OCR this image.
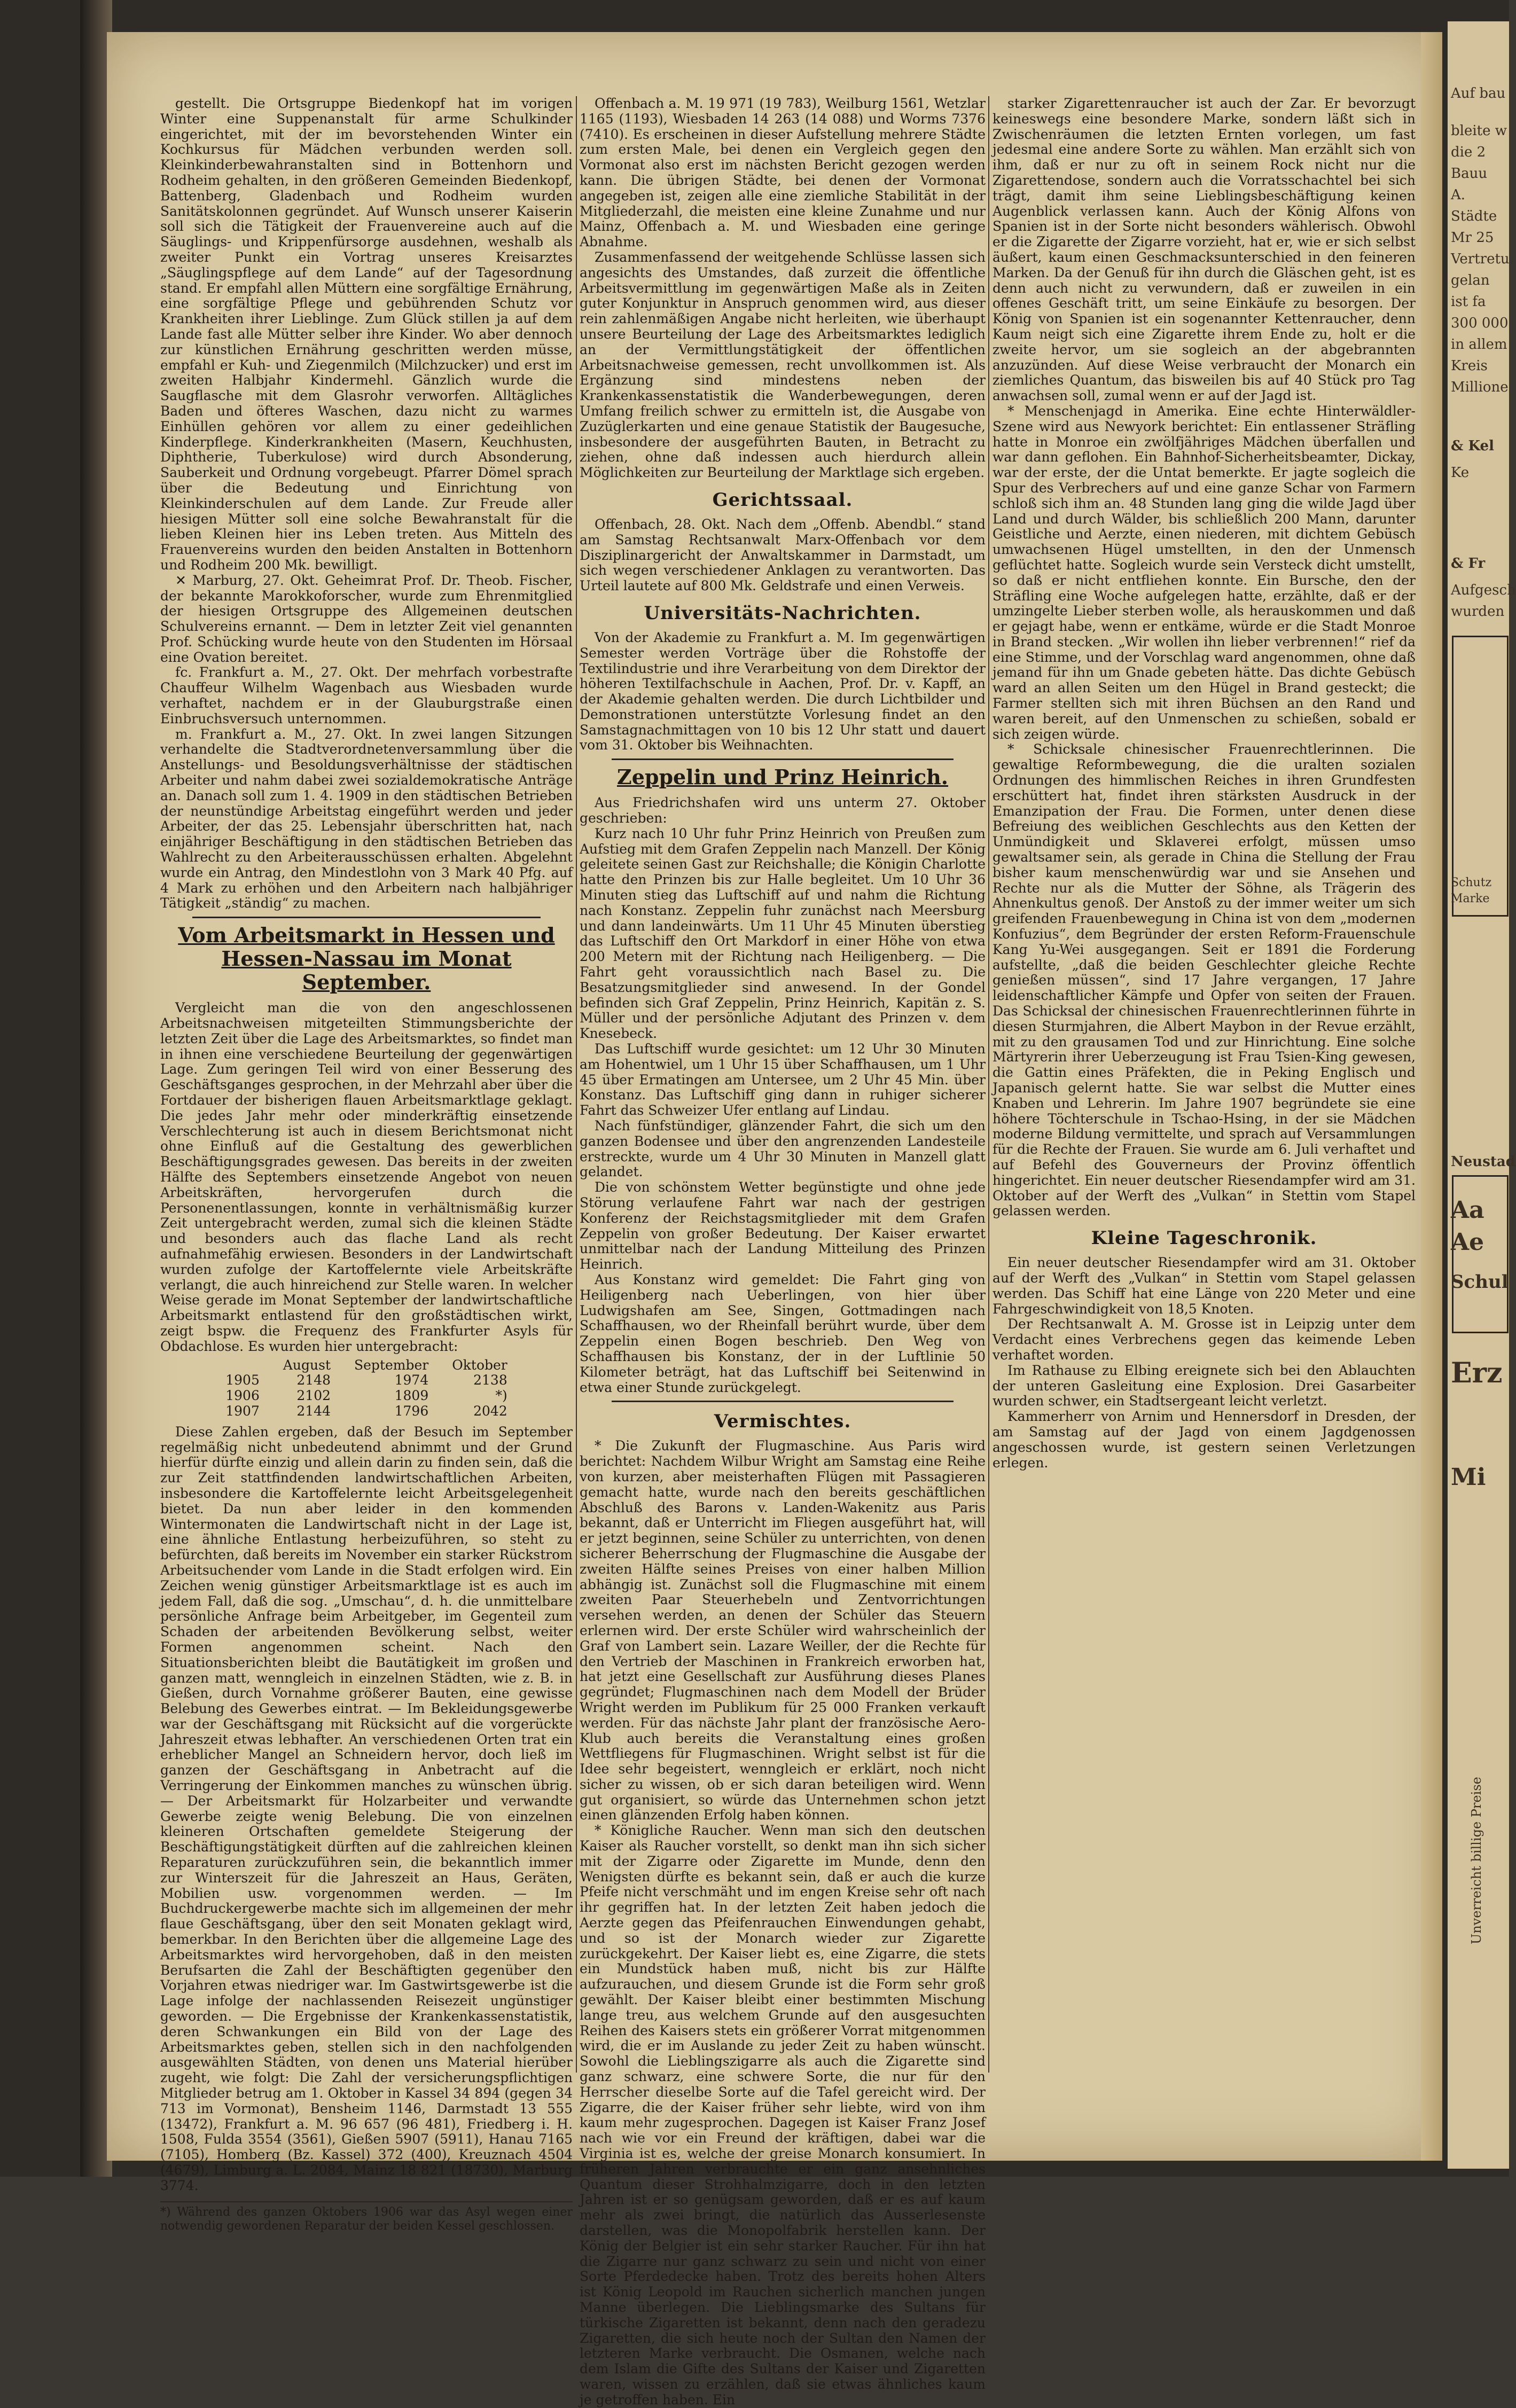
gestellt. Die Ortsgruppe Biedenkopf hat im vorigen Winter eine Suppenanstalt für arme Schulkinder eingerichtet, mit der im bevorstehenden Winter ein Kochkursus für Mädchen verbunden werden soll. Kleinkinderbewahranstalten sind in Bottenhorn und Rodheim gehalten, in den größeren Gemeinden Biedenkopf, Battenberg, Gladenbach und Rodheim wurden Sanitätskolonnen gegründet. Auf Wunsch unserer Kaiserin soll sich die Tätigkeit der Frauenvereine auch auf die Säuglings- und Krippenfürsorge ausdehnen, weshalb als zweiter Punkt ein Vortrag unseres Kreisarztes „Säuglingspflege auf dem Lande“ auf der Tagesordnung stand. Er empfahl allen Müttern eine sorgfältige Ernährung, eine sorgfältige Pflege und gebührenden Schutz vor Krankheiten ihrer Lieblinge. Zum Glück stillen ja auf dem Lande fast alle Mütter selber ihre Kinder. Wo aber dennoch zur künstlichen Ernährung geschritten werden müsse, empfahl er Kuh- und Ziegenmilch (Milchzucker) und erst im zweiten Halbjahr Kindermehl. Gänzlich wurde die Saugflasche mit dem Glasrohr verworfen. Alltägliches Baden und öfteres Waschen, dazu nicht zu warmes Einhüllen gehören vor allem zu einer gedeihlichen Kinderpflege. Kinderkrankheiten (Masern, Keuchhusten, Diphtherie, Tuberkulose) wird durch Absonderung, Sauberkeit und Ordnung vorgebeugt. Pfarrer Dömel sprach über die Bedeutung und Einrichtung von Kleinkinderschulen auf dem Lande. Zur Freude aller hiesigen Mütter soll eine solche Bewahranstalt für die lieben Kleinen hier ins Leben treten. Aus Mitteln des Frauenvereins wurden den beiden Anstalten in Bottenhorn und Rodheim 200 Mk. bewilligt.

✕ Marburg, 27. Okt. Geheimrat Prof. Dr. Theob. Fischer, der bekannte Marokkoforscher, wurde zum Ehrenmitglied der hiesigen Ortsgruppe des Allgemeinen deutschen Schulvereins ernannt. — Dem in letzter Zeit viel genannten Prof. Schücking wurde heute von den Studenten im Hörsaal eine Ovation bereitet.

fc. Frankfurt a. M., 27. Okt. Der mehrfach vorbestrafte Chauffeur Wilhelm Wagenbach aus Wiesbaden wurde verhaftet, nachdem er in der Glauburgstraße einen Einbruchsversuch unternommen.

m. Frankfurt a. M., 27. Okt. In zwei langen Sitzungen verhandelte die Stadtverordnetenversammlung über die Anstellungs- und Besoldungsverhältnisse der städtischen Arbeiter und nahm dabei zwei sozialdemokratische Anträge an. Danach soll zum 1. 4. 1909 in den städtischen Betrieben der neunstündige Arbeitstag eingeführt werden und jeder Arbeiter, der das 25. Lebensjahr überschritten hat, nach einjähriger Beschäftigung in den städtischen Betrieben das Wahlrecht zu den Arbeiterausschüssen erhalten. Abgelehnt wurde ein Antrag, den Mindestlohn von 3 Mark 40 Pfg. auf 4 Mark zu erhöhen und den Arbeitern nach halbjähriger Tätigkeit „ständig“ zu machen.

Vom Arbeitsmarkt in Hessen und Hessen-Nassau im Monat September.

Vergleicht man die von den angeschlossenen Arbeitsnachweisen mitgeteilten Stimmungsberichte der letzten Zeit über die Lage des Arbeitsmarktes, so findet man in ihnen eine verschiedene Beurteilung der gegenwärtigen Lage. Zum geringen Teil wird von einer Besserung des Geschäftsganges gesprochen, in der Mehrzahl aber über die Fortdauer der bisherigen flauen Arbeitsmarktlage geklagt. Die jedes Jahr mehr oder minderkräftig einsetzende Verschlechterung ist auch in diesem Berichtsmonat nicht ohne Einfluß auf die Gestaltung des gewerblichen Beschäftigungsgrades gewesen. Das bereits in der zweiten Hälfte des Septembers einsetzende Angebot von neuen Arbeitskräften, hervorgerufen durch die Personenentlassungen, konnte in verhältnismäßig kurzer Zeit untergebracht werden, zumal sich die kleinen Städte und besonders auch das flache Land als recht aufnahmefähig erwiesen. Besonders in der Landwirtschaft wurden zufolge der Kartoffelernte viele Arbeitskräfte verlangt, die auch hinreichend zur Stelle waren. In welcher Weise gerade im Monat September der landwirtschaftliche Arbeitsmarkt entlastend für den großstädtischen wirkt, zeigt bspw. die Frequenz des Frankfurter Asyls für Obdachlose. Es wurden hier untergebracht:

	August	September	Oktober
1905	2148	1974	2138
1906	2102	1809	*)
1907	2144	1796	2042

Diese Zahlen ergeben, daß der Besuch im September regelmäßig nicht unbedeutend abnimmt und der Grund hierfür dürfte einzig und allein darin zu finden sein, daß die zur Zeit stattfindenden landwirtschaftlichen Arbeiten, insbesondere die Kartoffelernte leicht Arbeitsgelegenheit bietet. Da nun aber leider in den kommenden Wintermonaten die Landwirtschaft nicht in der Lage ist, eine ähnliche Entlastung herbeizuführen, so steht zu befürchten, daß bereits im November ein starker Rückstrom Arbeitsuchender vom Lande in die Stadt erfolgen wird. Ein Zeichen wenig günstiger Arbeitsmarktlage ist es auch im jedem Fall, daß die sog. „Umschau“, d. h. die unmittelbare persönliche Anfrage beim Arbeitgeber, im Gegenteil zum Schaden der arbeitenden Bevölkerung selbst, weiter Formen angenommen scheint. Nach den Situationsberichten bleibt die Bautätigkeit im großen und ganzen matt, wenngleich in einzelnen Städten, wie z. B. in Gießen, durch Vornahme größerer Bauten, eine gewisse Belebung des Gewerbes eintrat. — Im Bekleidungsgewerbe war der Geschäftsgang mit Rücksicht auf die vorgerückte Jahreszeit etwas lebhafter. An verschiedenen Orten trat ein erheblicher Mangel an Schneidern hervor, doch ließ im ganzen der Geschäftsgang in Anbetracht auf die Verringerung der Einkommen manches zu wünschen übrig. — Der Arbeitsmarkt für Holzarbeiter und verwandte Gewerbe zeigte wenig Belebung. Die von einzelnen kleineren Ortschaften gemeldete Steigerung der Beschäftigungstätigkeit dürften auf die zahlreichen kleinen Reparaturen zurückzuführen sein, die bekanntlich immer zur Winterszeit für die Jahreszeit an Haus, Geräten, Mobilien usw. vorgenommen werden. — Im Buchdruckergewerbe machte sich im allgemeinen der mehr flaue Geschäftsgang, über den seit Monaten geklagt wird, bemerkbar. In den Berichten über die allgemeine Lage des Arbeitsmarktes wird hervorgehoben, daß in den meisten Berufsarten die Zahl der Beschäftigten gegenüber den Vorjahren etwas niedriger war. Im Gastwirtsgewerbe ist die Lage infolge der nachlassenden Reisezeit ungünstiger geworden. — Die Ergebnisse der Krankenkassenstatistik, deren Schwankungen ein Bild von der Lage des Arbeitsmarktes geben, stellen sich in den nachfolgenden ausgewählten Städten, von denen uns Material hierüber zugeht, wie folgt: Die Zahl der versicherungspflichtigen Mitglieder betrug am 1. Oktober in Kassel 34 894 (gegen 34 713 im Vormonat), Bensheim 1146, Darmstadt 13 555 (13472), Frankfurt a. M. 96 657 (96 481), Friedberg i. H. 1508, Fulda 3554 (3561), Gießen 5907 (5911), Hanau 7165 (7105), Homberg (Bz. Kassel) 372 (400), Kreuznach 4504 (4679), Limburg a. L. 2084, Mainz 18 821 (18730), Marburg 3774.

*) Während des ganzen Oktobers 1906 war das Asyl wegen einer notwendig gewordenen Reparatur der beiden Kessel geschlossen.

Offenbach a. M. 19 971 (19 783), Weilburg 1561, Wetzlar 1165 (1193), Wiesbaden 14 263 (14 088) und Worms 7376 (7410). Es erscheinen in dieser Aufstellung mehrere Städte zum ersten Male, bei denen ein Vergleich gegen den Vormonat also erst im nächsten Bericht gezogen werden kann. Die übrigen Städte, bei denen der Vormonat angegeben ist, zeigen alle eine ziemliche Stabilität in der Mitgliederzahl, die meisten eine kleine Zunahme und nur Mainz, Offenbach a. M. und Wiesbaden eine geringe Abnahme.

Zusammenfassend der weitgehende Schlüsse lassen sich angesichts des Umstandes, daß zurzeit die öffentliche Arbeitsvermittlung im gegenwärtigen Maße als in Zeiten guter Konjunktur in Anspruch genommen wird, aus dieser rein zahlenmäßigen Angabe nicht herleiten, wie überhaupt unsere Beurteilung der Lage des Arbeitsmarktes lediglich an der Vermittlungstätigkeit der öffentlichen Arbeitsnachweise gemessen, recht unvollkommen ist. Als Ergänzung sind mindestens neben der Krankenkassenstatistik die Wanderbewegungen, deren Umfang freilich schwer zu ermitteln ist, die Ausgabe von Zuzüglerkarten und eine genaue Statistik der Baugesuche, insbesondere der ausgeführten Bauten, in Betracht zu ziehen, ohne daß indessen auch hierdurch allein Möglichkeiten zur Beurteilung der Marktlage sich ergeben.

Gerichtssaal.

Offenbach, 28. Okt. Nach dem „Offenb. Abendbl.“ stand am Samstag Rechtsanwalt Marx-Offenbach vor dem Disziplinargericht der Anwaltskammer in Darmstadt, um sich wegen verschiedener Anklagen zu verantworten. Das Urteil lautete auf 800 Mk. Geldstrafe und einen Verweis.

Universitäts-Nachrichten.

Von der Akademie zu Frankfurt a. M. Im gegenwärtigen Semester werden Vorträge über die Rohstoffe der Textilindustrie und ihre Verarbeitung von dem Direktor der höheren Textilfachschule in Aachen, Prof. Dr. v. Kapff, an der Akademie gehalten werden. Die durch Lichtbilder und Demonstrationen unterstützte Vorlesung findet an den Samstagnachmittagen von 10 bis 12 Uhr statt und dauert vom 31. Oktober bis Weihnachten.

Zeppelin und Prinz Heinrich.

Aus Friedrichshafen wird uns unterm 27. Oktober geschrieben:

Kurz nach 10 Uhr fuhr Prinz Heinrich von Preußen zum Aufstieg mit dem Grafen Zeppelin nach Manzell. Der König geleitete seinen Gast zur Reichshalle; die Königin Charlotte hatte den Prinzen bis zur Halle begleitet. Um 10 Uhr 36 Minuten stieg das Luftschiff auf und nahm die Richtung nach Konstanz. Zeppelin fuhr zunächst nach Meersburg und dann landeinwärts. Um 11 Uhr 45 Minuten überstieg das Luftschiff den Ort Markdorf in einer Höhe von etwa 200 Metern mit der Richtung nach Heiligenberg. — Die Fahrt geht voraussichtlich nach Basel zu. Die Besatzungsmitglieder sind anwesend. In der Gondel befinden sich Graf Zeppelin, Prinz Heinrich, Kapitän z. S. Müller und der persönliche Adjutant des Prinzen v. dem Knesebeck.

Das Luftschiff wurde gesichtet: um 12 Uhr 30 Minuten am Hohentwiel, um 1 Uhr 15 über Schaffhausen, um 1 Uhr 45 über Ermatingen am Untersee, um 2 Uhr 45 Min. über Konstanz. Das Luftschiff ging dann in ruhiger sicherer Fahrt das Schweizer Ufer entlang auf Lindau.

Nach fünfstündiger, glänzender Fahrt, die sich um den ganzen Bodensee und über den angrenzenden Landesteile erstreckte, wurde um 4 Uhr 30 Minuten in Manzell glatt gelandet.

Die von schönstem Wetter begünstigte und ohne jede Störung verlaufene Fahrt war nach der gestrigen Konferenz der Reichstagsmitglieder mit dem Grafen Zeppelin von großer Bedeutung. Der Kaiser erwartet unmittelbar nach der Landung Mitteilung des Prinzen Heinrich.

Aus Konstanz wird gemeldet: Die Fahrt ging von Heiligenberg nach Ueberlingen, von hier über Ludwigshafen am See, Singen, Gottmadingen nach Schaffhausen, wo der Rheinfall berührt wurde, über dem Zeppelin einen Bogen beschrieb. Den Weg von Schaffhausen bis Konstanz, der in der Luftlinie 50 Kilometer beträgt, hat das Luftschiff bei Seitenwind in etwa einer Stunde zurückgelegt.

Vermischtes.

* Die Zukunft der Flugmaschine. Aus Paris wird berichtet: Nachdem Wilbur Wright am Samstag eine Reihe von kurzen, aber meisterhaften Flügen mit Passagieren gemacht hatte, wurde nach den bereits geschäftlichen Abschluß des Barons v. Landen-Wakenitz aus Paris bekannt, daß er Unterricht im Fliegen ausgeführt hat, will er jetzt beginnen, seine Schüler zu unterrichten, von denen sicherer Beherrschung der Flugmaschine die Ausgabe der zweiten Hälfte seines Preises von einer halben Million abhängig ist. Zunächst soll die Flugmaschine mit einem zweiten Paar Steuerhebeln und Zentvorrichtungen versehen werden, an denen der Schüler das Steuern erlernen wird. Der erste Schüler wird wahrscheinlich der Graf von Lambert sein. Lazare Weiller, der die Rechte für den Vertrieb der Maschinen in Frankreich erworben hat, hat jetzt eine Gesellschaft zur Ausführung dieses Planes gegründet; Flugmaschinen nach dem Modell der Brüder Wright werden im Publikum für 25 000 Franken verkauft werden. Für das nächste Jahr plant der französische Aero-Klub auch bereits die Veranstaltung eines großen Wettfliegens für Flugmaschinen. Wright selbst ist für die Idee sehr begeistert, wenngleich er erklärt, noch nicht sicher zu wissen, ob er sich daran beteiligen wird. Wenn gut organisiert, so würde das Unternehmen schon jetzt einen glänzenden Erfolg haben können.

* Königliche Raucher. Wenn man sich den deutschen Kaiser als Raucher vorstellt, so denkt man ihn sich sicher mit der Zigarre oder Zigarette im Munde, denn den Wenigsten dürfte es bekannt sein, daß er auch die kurze Pfeife nicht verschmäht und im engen Kreise sehr oft nach ihr gegriffen hat. In der letzten Zeit haben jedoch die Aerzte gegen das Pfeifenrauchen Einwendungen gehabt, und so ist der Monarch wieder zur Zigarette zurückgekehrt. Der Kaiser liebt es, eine Zigarre, die stets ein Mundstück haben muß, nicht bis zur Hälfte aufzurauchen, und diesem Grunde ist die Form sehr groß gewählt. Der Kaiser bleibt einer bestimmten Mischung lange treu, aus welchem Grunde auf den ausgesuchten Reihen des Kaisers stets ein größerer Vorrat mitgenommen wird, die er im Auslande zu jeder Zeit zu haben wünscht. Sowohl die Lieblingszigarre als auch die Zigarette sind ganz schwarz, eine schwere Sorte, die nur für den Herrscher dieselbe Sorte auf die Tafel gereicht wird. Der Zigarre, die der Kaiser früher sehr liebte, wird von ihm kaum mehr zugesprochen. Dagegen ist Kaiser Franz Josef nach wie vor ein Freund der kräftigen, dabei war die Virginia ist es, welche der greise Monarch konsumiert. In früheren Jahren verbrauchte er ein ganz ansehnliches Quantum dieser Strohhalmzigarre, doch in den letzten Jahren ist er so genügsam geworden, daß er es auf kaum mehr als zwei bringt, die natürlich das Ausserlesenste darstellen, was die Monopolfabrik herstellen kann. Der König der Belgier ist ein sehr starker Raucher. Für ihn hat die Zigarre nur ganz schwarz zu sein und nicht von einer Sorte Pferdedecke haben. Trotz des bereits hohen Alters ist König Leopold im Rauchen sicherlich manchen jungen Manne überlegen. Die Lieblingsmarke des Sultans für türkische Zigaretten ist bekannt, denn nach den geradezu Zigaretten, die sich heute noch der Sultan den Namen der letzteren Marke verbraucht. Die Osmanen, welche nach dem Islam die Gifte des Sultans der Kaiser und Zigaretten waren, wissen zu erzählen, daß sie etwas ähnliches kaum je getroffen haben. Ein

starker Zigarettenraucher ist auch der Zar. Er bevorzugt keineswegs eine besondere Marke, sondern läßt sich in Zwischenräumen die letzten Ernten vorlegen, um fast jedesmal eine andere Sorte zu wählen. Man erzählt sich von ihm, daß er nur zu oft in seinem Rock nicht nur die Zigarettendose, sondern auch die Vorratsschachtel bei sich trägt, damit ihm seine Lieblingsbeschäftigung keinen Augenblick verlassen kann. Auch der König Alfons von Spanien ist in der Sorte nicht besonders wählerisch. Obwohl er die Zigarette der Zigarre vorzieht, hat er, wie er sich selbst äußert, kaum einen Geschmacksunterschied in den feineren Marken. Da der Genuß für ihn durch die Gläschen geht, ist es denn auch nicht zu verwundern, daß er zuweilen in ein offenes Geschäft tritt, um seine Einkäufe zu besorgen. Der König von Spanien ist ein sogenannter Kettenraucher, denn Kaum neigt sich eine Zigarette ihrem Ende zu, holt er die zweite hervor, um sie sogleich an der abgebrannten anzuzünden. Auf diese Weise verbraucht der Monarch ein ziemliches Quantum, das bisweilen bis auf 40 Stück pro Tag anwachsen soll, zumal wenn er auf der Jagd ist.

* Menschenjagd in Amerika. Eine echte Hinterwäldler-Szene wird aus Newyork berichtet: Ein entlassener Sträfling hatte in Monroe ein zwölfjähriges Mädchen überfallen und war dann geflohen. Ein Bahnhof-Sicherheitsbeamter, Dickay, war der erste, der die Untat bemerkte. Er jagte sogleich die Spur des Verbrechers auf und eine ganze Schar von Farmern schloß sich ihm an. 48 Stunden lang ging die wilde Jagd über Land und durch Wälder, bis schließlich 200 Mann, darunter Geistliche und Aerzte, einen niederen, mit dichtem Gebüsch umwachsenen Hügel umstellten, in den der Unmensch geflüchtet hatte. Sogleich wurde sein Versteck dicht umstellt, so daß er nicht entfliehen konnte. Ein Bursche, den der Sträfling eine Woche aufgelegen hatte, erzählte, daß er der umzingelte Lieber sterben wolle, als herauskommen und daß er gejagt habe, wenn er entkäme, würde er die Stadt Monroe in Brand stecken. „Wir wollen ihn lieber verbrennen!“ rief da eine Stimme, und der Vorschlag ward angenommen, ohne daß jemand für ihn um Gnade gebeten hätte. Das dichte Gebüsch ward an allen Seiten um den Hügel in Brand gesteckt; die Farmer stellten sich mit ihren Büchsen an den Rand und waren bereit, auf den Unmenschen zu schießen, sobald er sich zeigen würde.

* Schicksale chinesischer Frauenrechtlerinnen. Die gewaltige Reformbewegung, die die uralten sozialen Ordnungen des himmlischen Reiches in ihren Grundfesten erschüttert hat, findet ihren stärksten Ausdruck in der Emanzipation der Frau. Die Formen, unter denen diese Befreiung des weiblichen Geschlechts aus den Ketten der Unmündigkeit und Sklaverei erfolgt, müssen umso gewaltsamer sein, als gerade in China die Stellung der Frau bisher kaum menschenwürdig war und sie Ansehen und Rechte nur als die Mutter der Söhne, als Trägerin des Ahnenkultus genoß. Der Anstoß zu der immer weiter um sich greifenden Frauenbewegung in China ist von dem „modernen Konfuzius“, dem Begründer der ersten Reform-Frauenschule Kang Yu-Wei ausgegangen. Seit er 1891 die Forderung aufstellte, „daß die beiden Geschlechter gleiche Rechte genießen müssen“, sind 17 Jahre vergangen, 17 Jahre leidenschaftlicher Kämpfe und Opfer von seiten der Frauen. Das Schicksal der chinesischen Frauenrechtlerinnen führte in diesen Sturmjahren, die Albert Maybon in der Revue erzählt, mit zu den grausamen Tod und zur Hinrichtung. Eine solche Märtyrerin ihrer Ueberzeugung ist Frau Tsien-King gewesen, die Gattin eines Präfekten, die in Peking Englisch und Japanisch gelernt hatte. Sie war selbst die Mutter eines Knaben und Lehrerin. Im Jahre 1907 begründete sie eine höhere Töchterschule in Tschao-Hsing, in der sie Mädchen moderne Bildung vermittelte, und sprach auf Versammlungen für die Rechte der Frauen. Sie wurde am 6. Juli verhaftet und auf Befehl des Gouverneurs der Provinz öffentlich hingerichtet. Ein neuer deutscher Riesendampfer wird am 31. Oktober auf der Werft des „Vulkan“ in Stettin vom Stapel gelassen werden.

Kleine Tageschronik.

Ein neuer deutscher Riesendampfer wird am 31. Oktober auf der Werft des „Vulkan“ in Stettin vom Stapel gelassen werden. Das Schiff hat eine Länge von 220 Meter und eine Fahrgeschwindigkeit von 18,5 Knoten.

Der Rechtsanwalt A. M. Grosse ist in Leipzig unter dem Verdacht eines Verbrechens gegen das keimende Leben verhaftet worden.

Im Rathause zu Elbing ereignete sich bei den Ablauchten der unteren Gasleitung eine Explosion. Drei Gasarbeiter wurden schwer, ein Stadtsergeant leicht verletzt.

Kammerherr von Arnim und Hennersdorf in Dresden, der am Samstag auf der Jagd von einem Jagdgenossen angeschossen wurde, ist gestern seinen Verletzungen erlegen.

Auf bau
bleite w
die 2
Bauu
A.
Städte
Mr 25
Vertretu
gelan
ist fa
300 000
in allem
Kreis
Millione
& Kel
Ke
& Fr
Aufgesch
wurden
Schutz
Marke
Neustad
Aa
Ae
Schul
Erz
Mi
Unverreicht billige Preise
